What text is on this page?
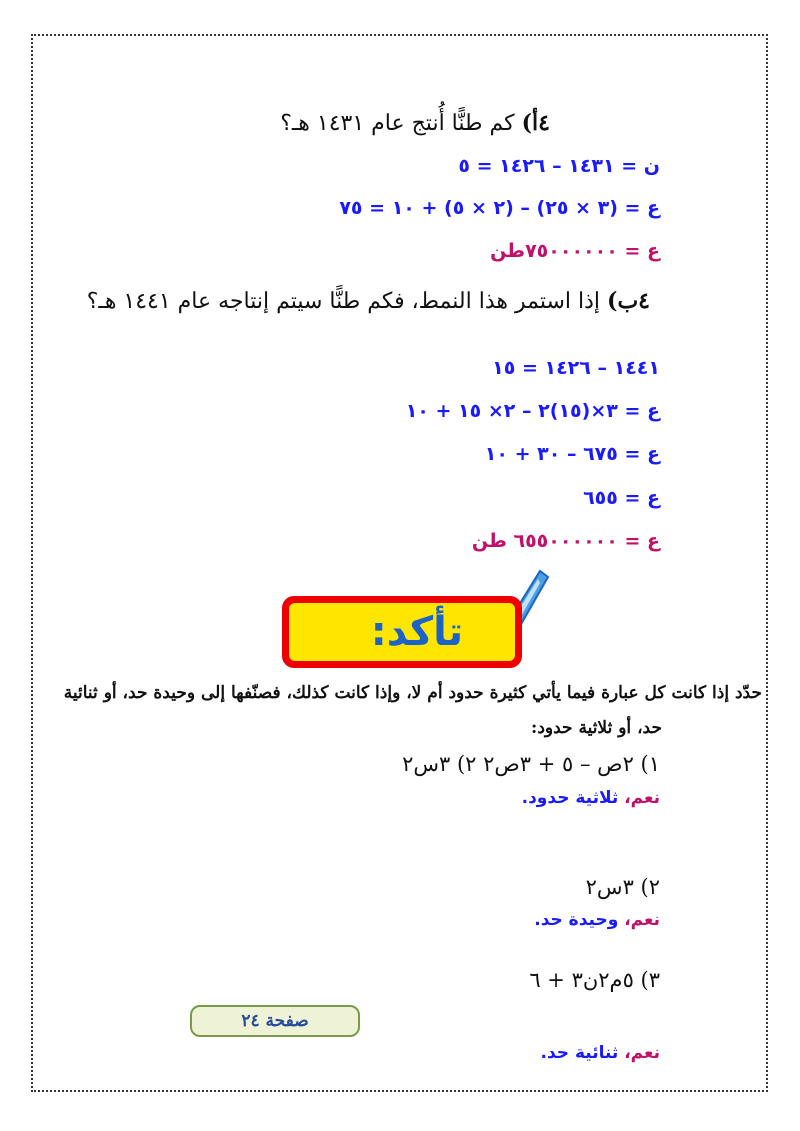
٤أ) كم طنًّا أُنتج عام ١٤٣١ هـ؟
ن = ١٤٣١ – ١٤٢٦ = ٥
ع = (٣ × ٢٥) – (٢ × ٥) + ١٠ = ٧٥
ع = ٧٥٠٠٠٠٠٠طن
٤ب) إذا استمر هذا النمط، فكم طنًّا سيتم إنتاجه عام ١٤٤١ هـ؟
١٤٤١ – ١٤٢٦ = ١٥
ع = ٣×(١٥)٢ – ٢× ١٥ + ١٠
ع = ٦٧٥ – ٣٠ + ١٠
ع = ٦٥٥
ع = ٦٥٥٠٠٠٠٠٠ طن
تأكد:
حدّد إذا كانت كل عبارة فيما يأتي كثيرة حدود أم لا، وإذا كانت كذلك، فصنّفها إلى وحيدة حد، أو ثنائية
حد، أو ثلاثية حدود:
١) ٢ص – ٥ + ٣ص٢ ٢) ٣س٢
نعم، ثلاثية حدود.
٢) ٣س٢
نعم، وحيدة حد.
٣) ٥م٢ن٣ + ٦
نعم، ثنائية حد.
صفحة ٢٤
